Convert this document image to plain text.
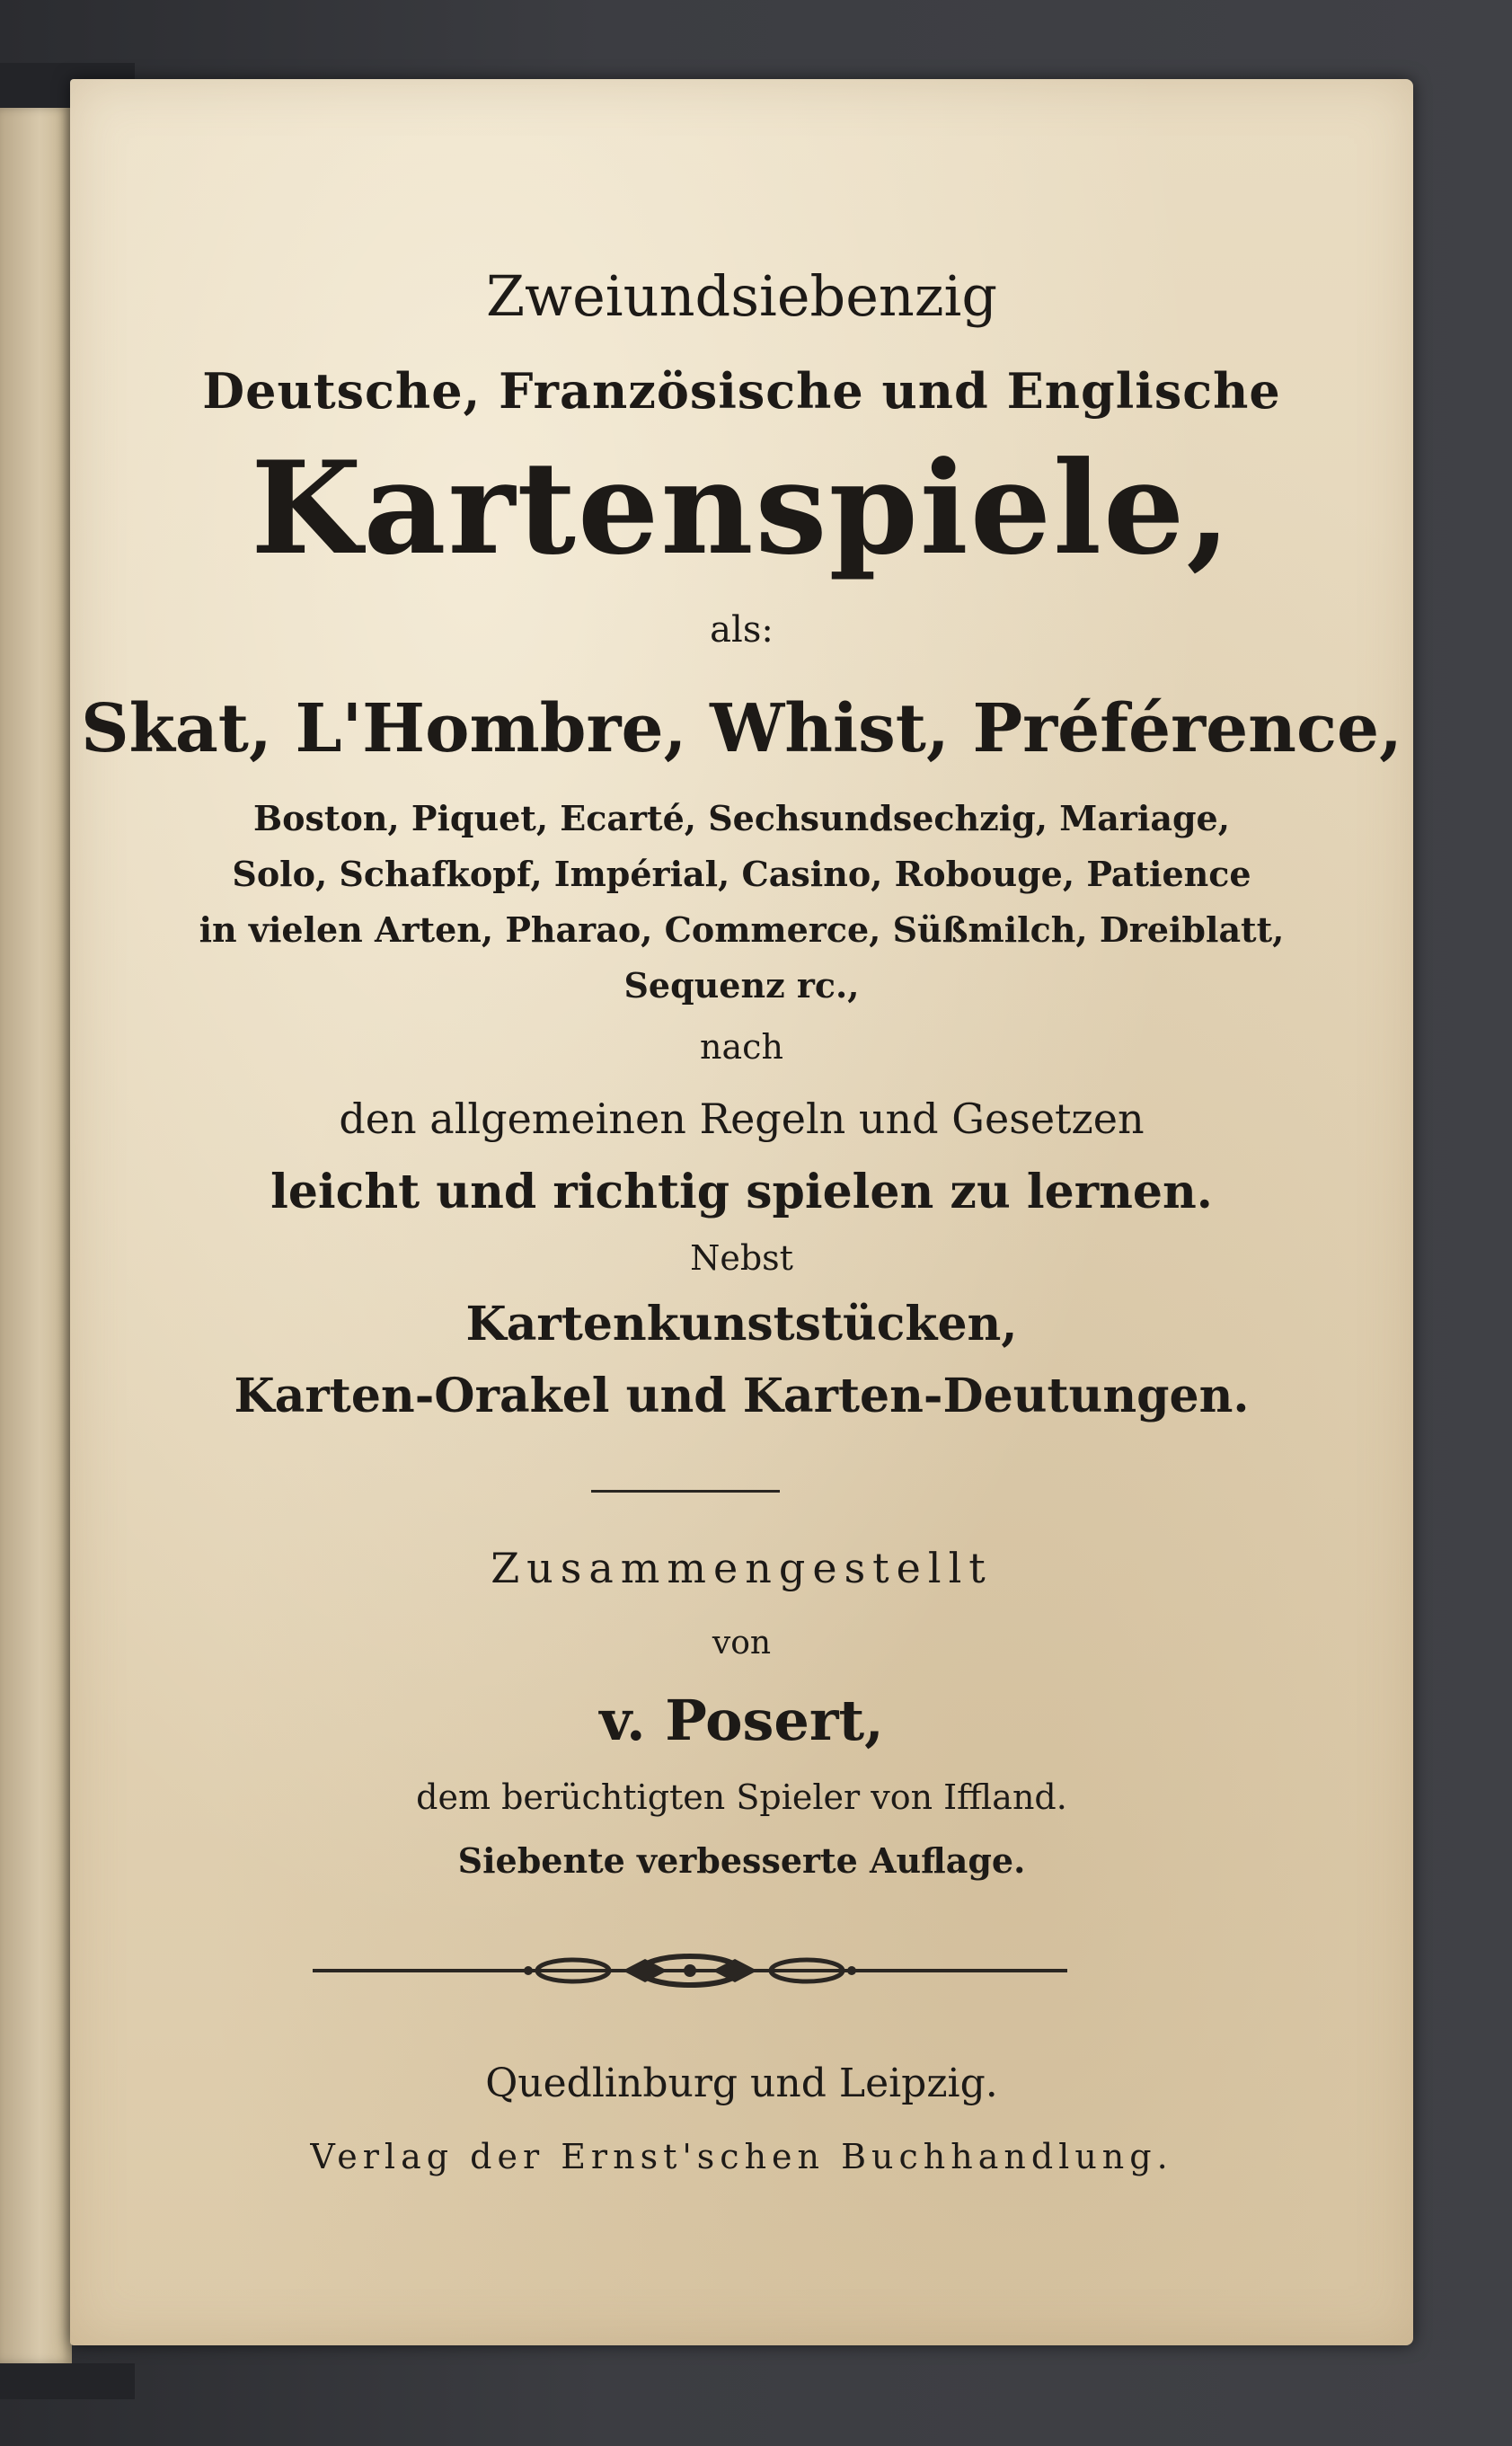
Zweiundsiebenzig

Deutsche, Französische und Englische

Kartenspiele,

als:

Skat, L'Hombre, Whist, Préférence,

Boston, Piquet, Ecarté, Sechsundsechzig, Mariage,

Solo, Schafkopf, Impérial, Casino, Robouge, Patience

in vielen Arten, Pharao, Commerce, Süßmilch, Dreiblatt,

Sequenz rc.,

nach

den allgemeinen Regeln und Gesetzen

leicht und richtig spielen zu lernen.

Nebst

Kartenkunststücken,

Karten-Orakel und Karten-Deutungen.

Zusammengestellt

von

v. Posert,

dem berüchtigten Spieler von Iffland.

Siebente verbesserte Auflage.

Quedlinburg und Leipzig.

Verlag der Ernst'schen Buchhandlung.
